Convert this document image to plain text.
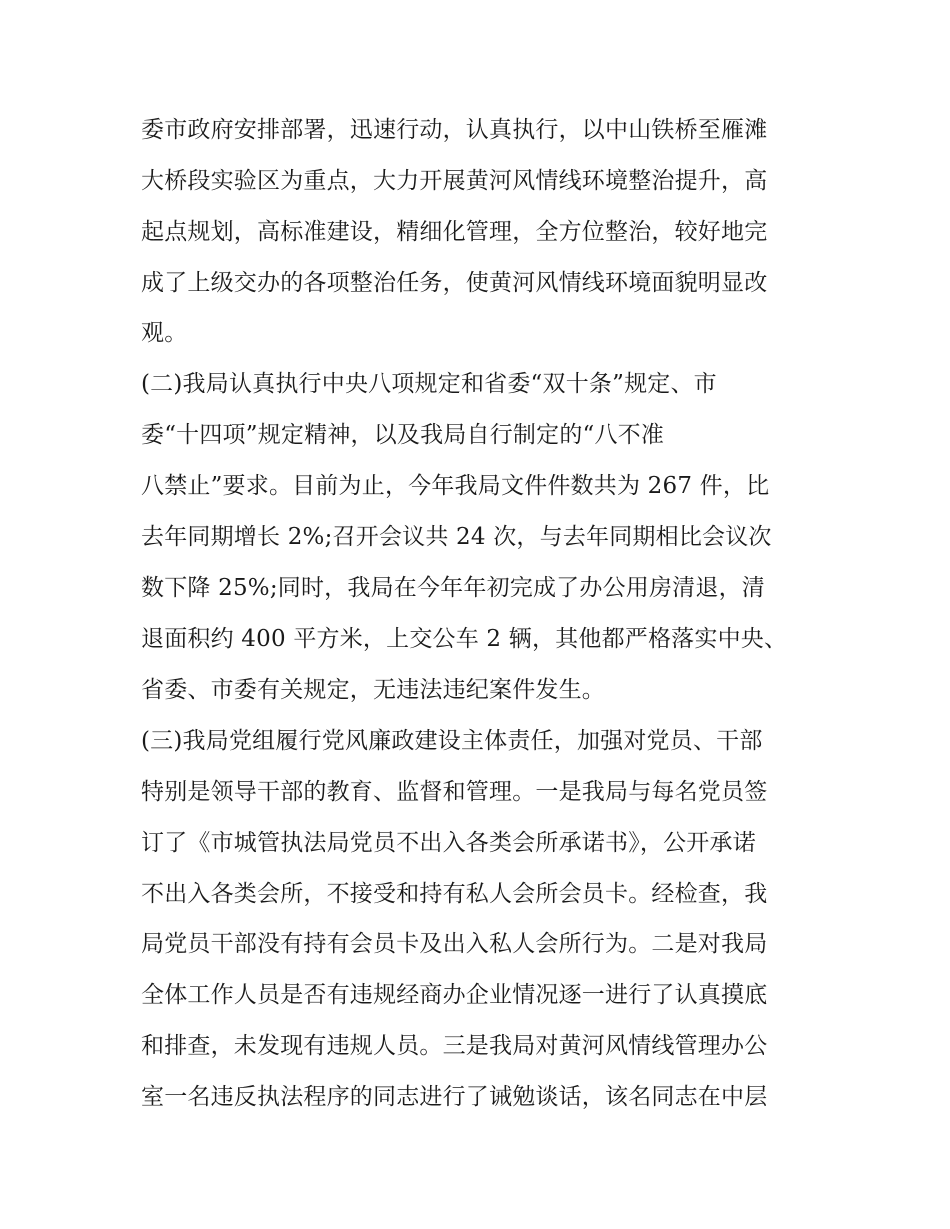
委市政府安排部署，迅速行动，认真执行，以中山铁桥至雁滩
大桥段实验区为重点，大力开展黄河风情线环境整治提升，高
起点规划，高标准建设，精细化管理，全方位整治，较好地完
成了上级交办的各项整治任务，使黄河风情线环境面貌明显改
观。
(二)我局认真执行中央八项规定和省委“双十条”规定、市
委“十四项”规定精神，以及我局自行制定的“八不准
八禁止”要求。目前为止，今年我局文件件数共为 267 件，比
去年同期增长 2%;召开会议共 24 次，与去年同期相比会议次
数下降 25%;同时，我局在今年年初完成了办公用房清退，清
退面积约 400 平方米，上交公车 2 辆，其他都严格落实中央、
省委、市委有关规定，无违法违纪案件发生。
(三)我局党组履行党风廉政建设主体责任，加强对党员、干部
特别是领导干部的教育、监督和管理。一是我局与每名党员签
订了《市城管执法局党员不出入各类会所承诺书》，公开承诺
不出入各类会所，不接受和持有私人会所会员卡。经检查，我
局党员干部没有持有会员卡及出入私人会所行为。二是对我局
全体工作人员是否有违规经商办企业情况逐一进行了认真摸底
和排查，未发现有违规人员。三是我局对黄河风情线管理办公
室一名违反执法程序的同志进行了诫勉谈话，该名同志在中层
